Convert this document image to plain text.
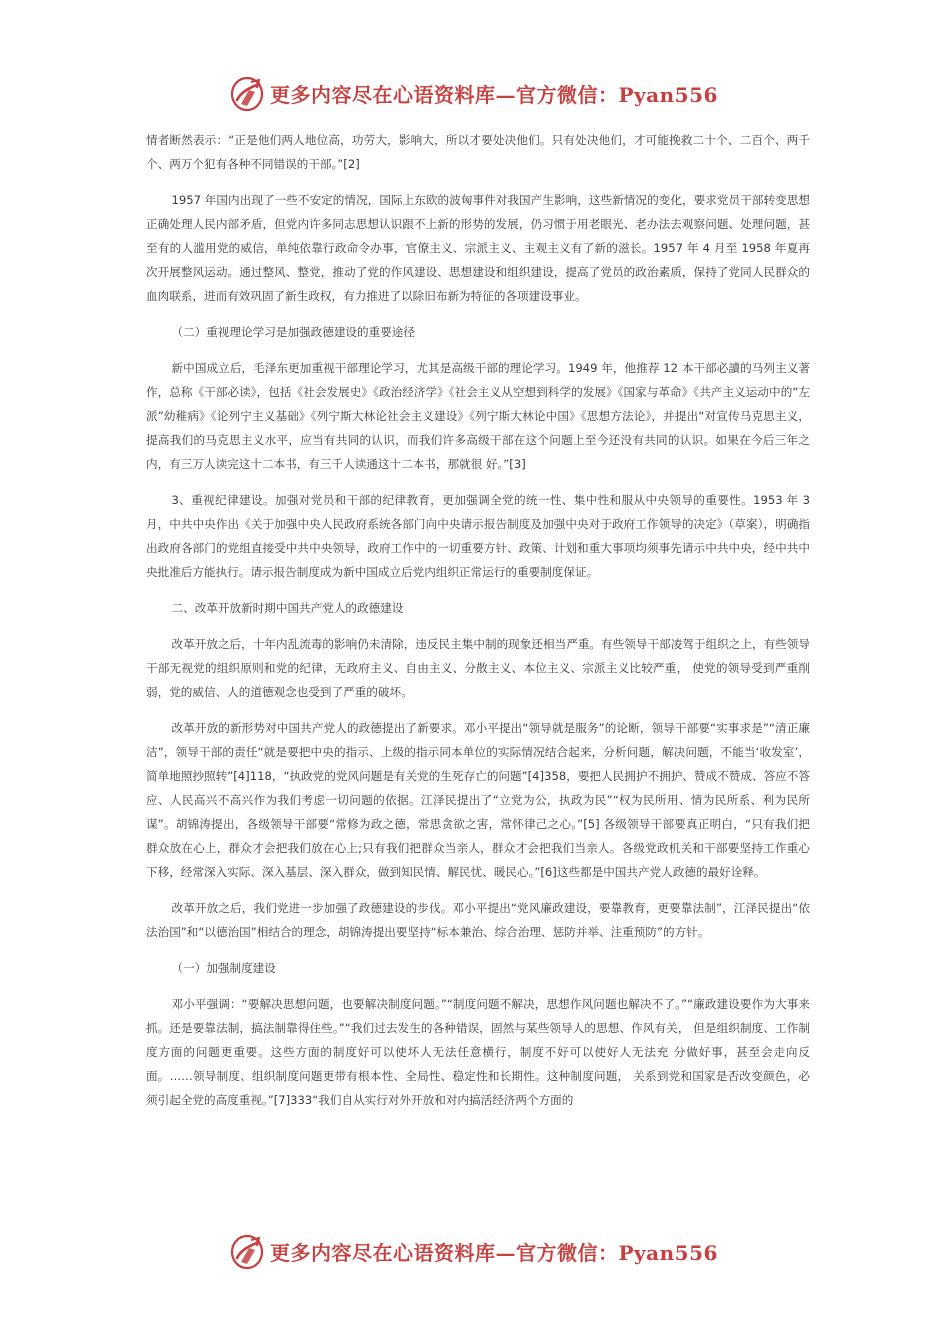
更多内容尽在心语资料库—官方微信：Pyan556

情者断然表示：“正是他们两人地位高，功劳大，影响大，所以才要处决他们。只有处决他们，才可能挽救二十个、二百个、两千个、两万个犯有各种不同错误的干部。”[2]

1957 年国内出现了一些不安定的情况，国际上东欧的波匈事件对我国产生影响，这些新情况的变化，要求党员干部转变思想正确处理人民内部矛盾，但党内许多同志思想认识跟不上新的形势的发展，仍习惯于用老眼光、老办法去观察问题、处理问题，甚至有的人滥用党的威信，单纯依靠行政命令办事，官僚主义、宗派主义、主观主义有了新的滋长。1957 年 4 月至 1958 年夏再次开展整风运动。通过整风、整党，推动了党的作风建设、思想建设和组织建设，提高了党员的政治素质，保持了党同人民群众的血肉联系，进而有效巩固了新生政权，有力推进了以除旧布新为特征的各项建设事业。

（二）重视理论学习是加强政德建设的重要途径

新中国成立后，毛泽东更加重视干部理论学习，尤其是高级干部的理论学习。1949 年，他推荐 12 本干部必讀的马列主义著作，总称《干部必读》，包括《社会发展史》《政治经济学》《社会主义从空想到科学的发展》《国家与革命》《共产主义运动中的“左派”幼稚病》《论列宁主义基础》《列宁斯大林论社会主义建设》《列宁斯大林论中国》《思想方法论》，并提出“对宣传马克思主义，提高我们的马克思主义水平，应当有共同的认识，而我们许多高级干部在这个问题上至今还没有共同的认识。如果在今后三年之内，有三万人读完这十二本书，有三千人读通这十二本书，那就很 好。”[3]

3、重视纪律建设。加强对党员和干部的纪律教育，更加强调全党的统一性、集中性和服从中央领导的重要性。1953 年 3 月，中共中央作出《关于加强中央人民政府系统各部门向中央请示报告制度及加强中央对于政府工作领导的决定》（草案），明确指出政府各部门的党组直接受中共中央领导，政府工作中的一切重要方针、政策、计划和重大事项均须事先请示中共中央，经中共中央批准后方能执行。请示报告制度成为新中国成立后党内组织正常运行的重要制度保证。

二、改革开放新时期中国共产党人的政德建设

改革开放之后，十年内乱流毒的影响仍未清除，违反民主集中制的现象还相当严重。有些领导干部凌驾于组织之上，有些领导干部无视党的组织原则和党的纪律，无政府主义、自由主义、分散主义、本位主义、宗派主义比较严重， 使党的领导受到严重削弱，党的威信、人的道德观念也受到了严重的破坏。

改革开放的新形势对中国共产党人的政德提出了新要求。邓小平提出“领导就是服务”的论断，领导干部要“实事求是”“清正廉洁”，领导干部的责任“就是要把中央的指示、上级的指示同本单位的实际情况结合起来，分析问题，解决问题，不能当‘收发室’，简单地照抄照转”[4]118，“执政党的党风问题是有关党的生死存亡的问题”[4]358，要把人民拥护不拥护、赞成不赞成、答应不答应、人民高兴不高兴作为我们考虑一切问题的依据。江泽民提出了“立党为公，执政为民”“权为民所用、情为民所系、利为民所谋”。胡锦涛提出，各级领导干部要“常修为政之德，常思贪欲之害，常怀律己之心。”[5] 各级领导干部要真正明白，“只有我们把群众放在心上，群众才会把我们放在心上;只有我们把群众当亲人，群众才会把我们当亲人。各级党政机关和干部要坚持工作重心下移，经常深入实际、深入基层、深入群众，做到知民情、解民忧、暖民心。”[6]这些都是中国共产党人政德的最好诠释。

改革开放之后，我们党进一步加强了政德建设的步伐。邓小平提出“党风廉政建设，要靠教育，更要靠法制”，江泽民提出“依法治国”和“以德治国”相结合的理念，胡锦涛提出要坚持“标本兼治、综合治理、惩防并举、注重预防”的方针。

（一）加强制度建设

邓小平强调：“要解决思想问题，也要解决制度问题。”“制度问题不解决，思想作风问题也解决不了。”“廉政建设要作为大事来抓。还是要靠法制，搞法制靠得住些。”“我们过去发生的各种错误，固然与某些领导人的思想、作风有关， 但是组织制度、工作制度方面的问题更重要。这些方面的制度好可以使坏人无法任意横行，制度不好可以使好人无法充 分做好事，甚至会走向反面。……领导制度、组织制度问题更带有根本性、全局性、稳定性和长期性。这种制度问题， 关系到党和国家是否改变颜色，必须引起全党的高度重视。”[7]333“我们自从实行对外开放和对内搞活经济两个方面的

更多内容尽在心语资料库—官方微信：Pyan556
